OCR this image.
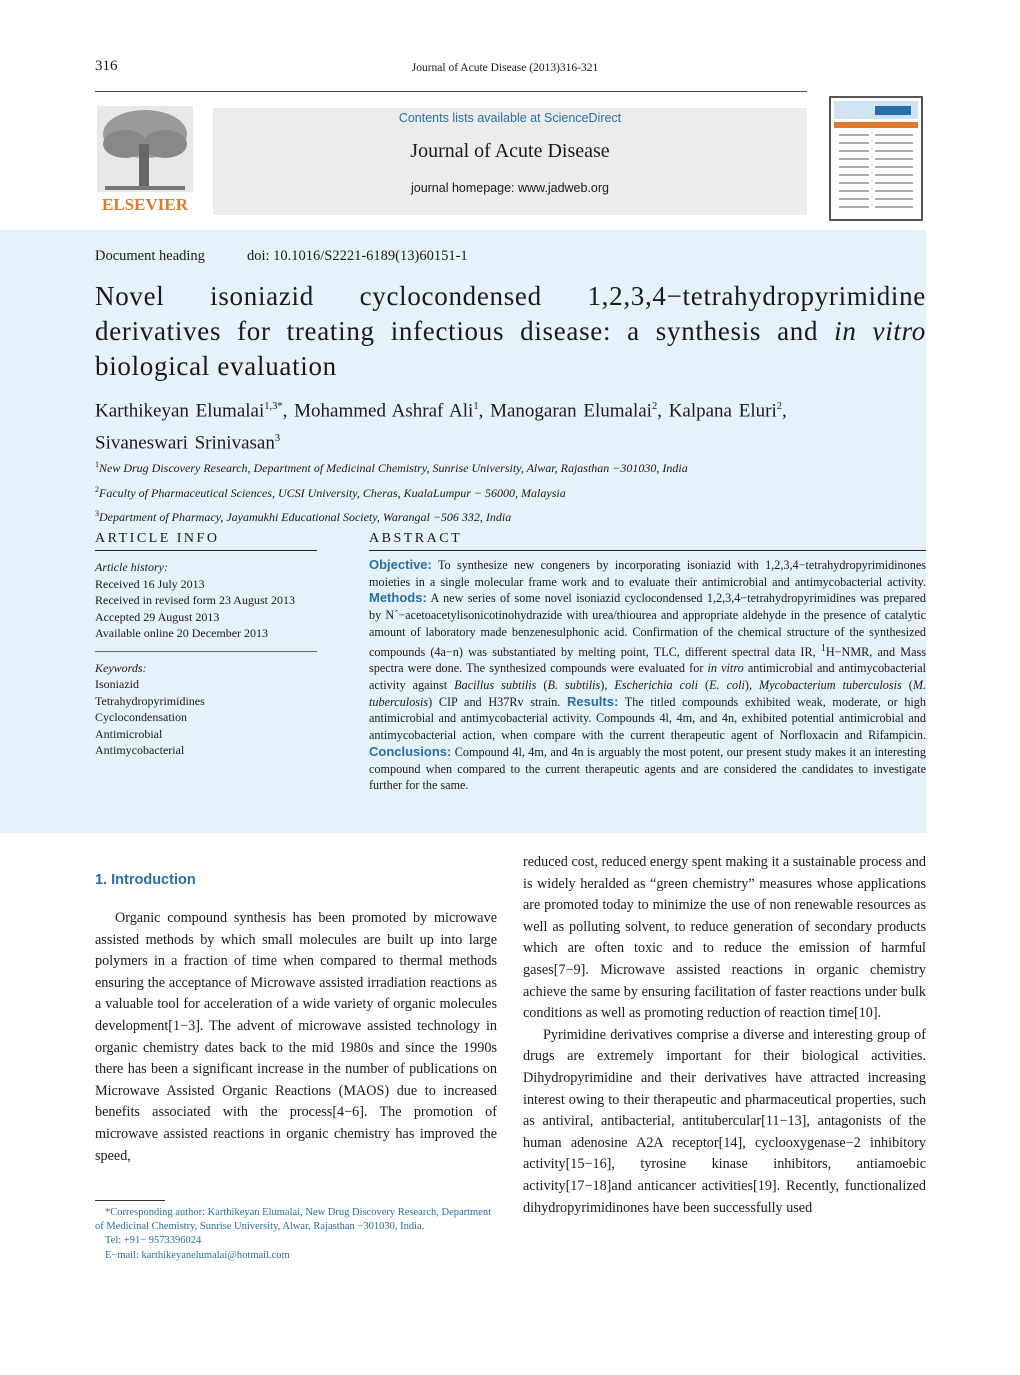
316	Journal of Acute Disease (2013)316-321
ELSEVIER
Contents lists available at ScienceDirect
Journal of Acute Disease
journal homepage: www.jadweb.org
Document heading	doi: 10.1016/S2221-6189(13)60151-1
Novel isoniazid cyclocondensed 1,2,3,4−tetrahydropyrimidine derivatives for treating infectious disease: a synthesis and in vitro biological evaluation
Karthikeyan Elumalai$^{1,3*}$, Mohammed Ashraf Ali$^1$, Manogaran Elumalai$^2$, Kalpana Eluri$^2$,
Sivaneswari Srinivasan$^3$
$^1$New Drug Discovery Research, Department of Medicinal Chemistry, Sunrise University, Alwar, Rajasthan −301030, India
$^2$Faculty of Pharmaceutical Sciences, UCSI University, Cheras, KualaLumpur − 56000, Malaysia
$^3$Department of Pharmacy, Jayamukhi Educational Society, Warangal −506 332, India
ARTICLE INFO
Article history:
Received 16 July 2013
Received in revised form 23 August 2013
Accepted 29 August 2013
Available online 20 December 2013
Keywords:
Isoniazid
Tetrahydropyrimidines
Cyclocondensation
Antimicrobial
Antimycobacterial
ABSTRACT
Objective: To synthesize new congeners by incorporating isoniazid with 1,2,3,4−tetrahydropyrimidinones moieties in a single molecular frame work and to evaluate their antimicrobial and antimycobacterial activity. Methods: A new series of some novel isoniazid cyclocondensed 1,2,3,4−tetrahydropyrimidines was prepared by N´−acetoacetylisonicotinohydrazide with urea/thiourea and appropriate aldehyde in the presence of catalytic amount of laboratory made benzenesulphonic acid. Confirmation of the chemical structure of the synthesized compounds (4a−n) was substantiated by melting point, TLC, different spectral data IR, $^1$H−NMR, and Mass spectra were done. The synthesized compounds were evaluated for in vitro antimicrobial and antimycobacterial activity against Bacillus subtilis (B. subtilis), Escherichia coli (E. coli), Mycobacterium tuberculosis (M. tuberculosis) CIP and H37Rv strain. Results: The titled compounds exhibited weak, moderate, or high antimicrobial and antimycobacterial activity. Compounds 4l, 4m, and 4n, exhibited potential antimicrobial and antimycobacterial action, when compare with the current therapeutic agent of Norfloxacin and Rifampicin. Conclusions: Compound 4l, 4m, and 4n is arguably the most potent, our present study makes it an interesting compound when compared to the current therapeutic agents and are considered the candidates to investigate further for the same.
1. Introduction

Organic compound synthesis has been promoted by microwave assisted methods by which small molecules are built up into large polymers in a fraction of time when compared to thermal methods ensuring the acceptance of Microwave assisted irradiation reactions as a valuable tool for acceleration of a wide variety of organic molecules development[1−3]. The advent of microwave assisted technology in organic chemistry dates back to the mid 1980s and since the 1990s there has been a significant increase in the number of publications on Microwave Assisted Organic Reactions (MAOS) due to increased benefits associated with the process[4−6]. The promotion of microwave assisted reactions in organic chemistry has improved the speed,

reduced cost, reduced energy spent making it a sustainable process and is widely heralded as “green chemistry” measures whose applications are promoted today to minimize the use of non renewable resources as well as polluting solvent, to reduce generation of secondary products which are often toxic and to reduce the emission of harmful gases[7−9]. Microwave assisted reactions in organic chemistry achieve the same by ensuring facilitation of faster reactions under bulk conditions as well as promoting reduction of reaction time[10].

Pyrimidine derivatives comprise a diverse and interesting group of drugs are extremely important for their biological activities. Dihydropyrimidine and their derivatives have attracted increasing interest owing to their therapeutic and pharmaceutical properties, such as antiviral, antibacterial, antitubercular[11−13], antagonists of the human adenosine A2A receptor[14], cyclooxygenase−2 inhibitory activity[15−16], tyrosine kinase inhibitors, antiamoebic activity[17−18]and anticancer activities[19]. Recently, functionalized dihydropyrimidinones have been successfully used

*Corresponding author: Karthikeyan Elumalai, New Drug Discovery Research, Department of Medicinal Chemistry, Sunrise University, Alwar, Rajasthan −301030, India.

Tel: +91− 9573396024

E−mail: karthikeyanelumalai@hotmail.com
